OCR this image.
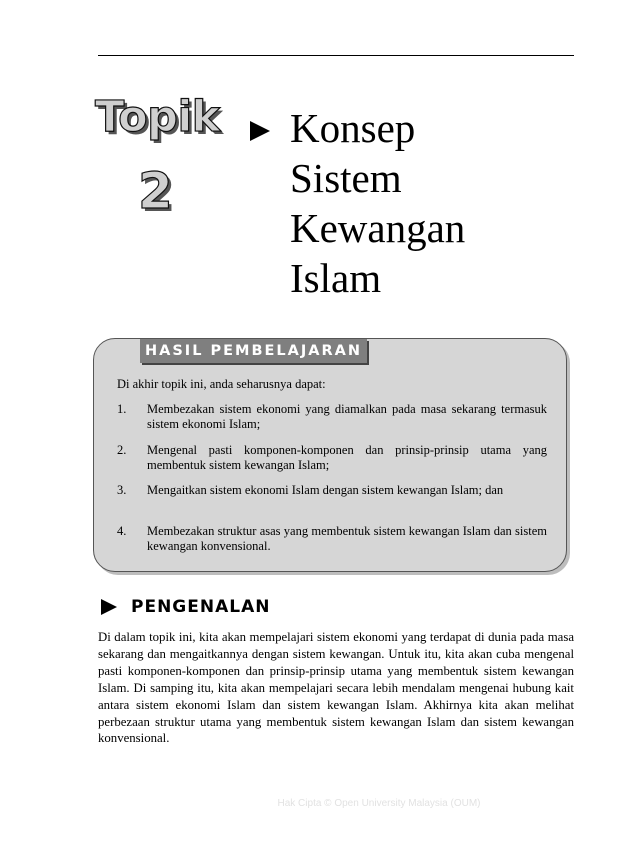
Topik
2
Konsep
Sistem
Kewangan
Islam
HASIL PEMBELAJARAN
Di akhir topik ini, anda seharusnya dapat:
1. Membezakan sistem ekonomi yang diamalkan pada masa sekarang termasuk sistem ekonomi Islam;
2. Mengenal pasti komponen-komponen dan prinsip-prinsip utama yang membentuk sistem kewangan Islam;
3. Mengaitkan sistem ekonomi Islam dengan sistem kewangan Islam; dan
4. Membezakan struktur asas yang membentuk sistem kewangan Islam dan sistem kewangan konvensional.
PENGENALAN
Di dalam topik ini, kita akan mempelajari sistem ekonomi yang terdapat di dunia pada masa sekarang dan mengaitkannya dengan sistem kewangan. Untuk itu, kita akan cuba mengenal pasti komponen-komponen dan prinsip-prinsip utama yang membentuk sistem kewangan Islam. Di samping itu, kita akan mempelajari secara lebih mendalam mengenai hubung kait antara sistem ekonomi Islam dan sistem kewangan Islam. Akhirnya kita akan melihat perbezaan struktur utama yang membentuk sistem kewangan Islam dan sistem kewangan konvensional.
Hak Cipta © Open University Malaysia (OUM)
